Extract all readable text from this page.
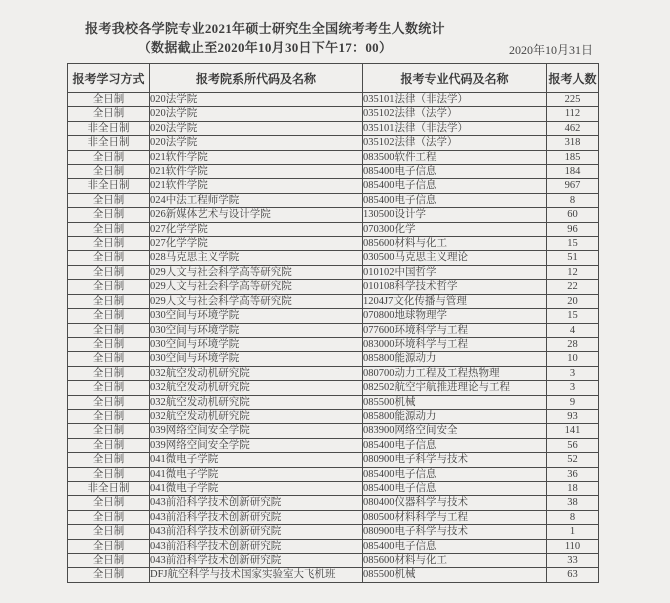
报考我校各学院专业2021年硕士研究生全国统考考生人数统计
（数据截止至2020年10月30日下午17：00）	2020年10月31日
报考学习方式	报考院系所代码及名称	报考专业代码及名称	报考人数
全日制	020法学院	035101法律（非法学）	225
全日制	020法学院	035102法律（法学）	112
非全日制	020法学院	035101法律（非法学）	462
非全日制	020法学院	035102法律（法学）	318
全日制	021软件学院	083500软件工程	185
全日制	021软件学院	085400电子信息	184
非全日制	021软件学院	085400电子信息	967
全日制	024中法工程师学院	085400电子信息	8
全日制	026新媒体艺术与设计学院	130500设计学	60
全日制	027化学学院	070300化学	96
全日制	027化学学院	085600材料与化工	15
全日制	028马克思主义学院	030500马克思主义理论	51
全日制	029人文与社会科学高等研究院	010102中国哲学	12
全日制	029人文与社会科学高等研究院	010108科学技术哲学	22
全日制	029人文与社会科学高等研究院	1204J7文化传播与管理	20
全日制	030空间与环境学院	070800地球物理学	15
全日制	030空间与环境学院	077600环境科学与工程	4
全日制	030空间与环境学院	083000环境科学与工程	28
全日制	030空间与环境学院	085800能源动力	10
全日制	032航空发动机研究院	080700动力工程及工程热物理	3
全日制	032航空发动机研究院	082502航空宇航推进理论与工程	3
全日制	032航空发动机研究院	085500机械	9
全日制	032航空发动机研究院	085800能源动力	93
全日制	039网络空间安全学院	083900网络空间安全	141
全日制	039网络空间安全学院	085400电子信息	56
全日制	041微电子学院	080900电子科学与技术	52
全日制	041微电子学院	085400电子信息	36
非全日制	041微电子学院	085400电子信息	18
全日制	043前沿科学技术创新研究院	080400仪器科学与技术	38
全日制	043前沿科学技术创新研究院	080500材料科学与工程	8
全日制	043前沿科学技术创新研究院	080900电子科学与技术	1
全日制	043前沿科学技术创新研究院	085400电子信息	110
全日制	043前沿科学技术创新研究院	085600材料与化工	33
全日制	DFJ航空科学与技术国家实验室大飞机班	085500机械	63
